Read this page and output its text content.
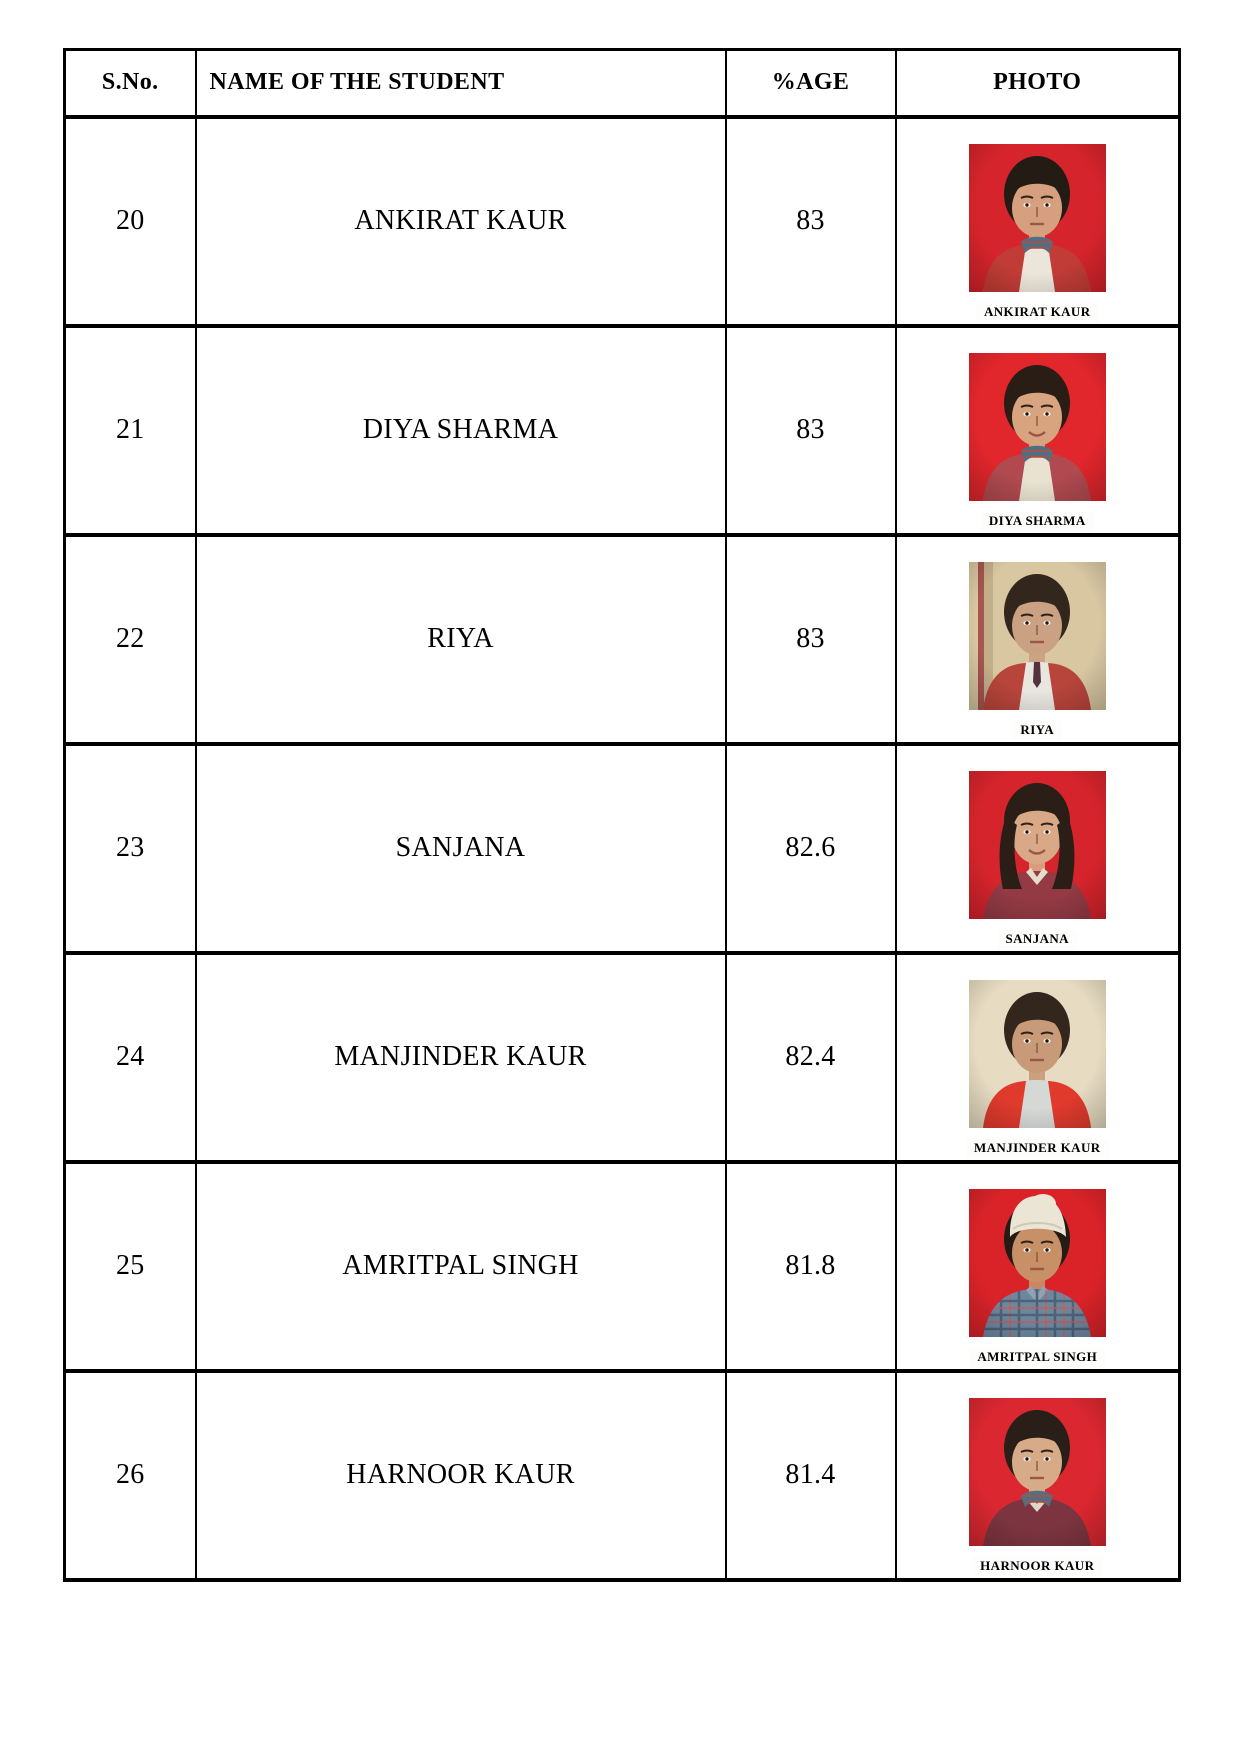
S.No.	NAME OF THE STUDENT	%AGE	PHOTO
20	ANKIRAT KAUR	83	ANKIRAT KAUR

21	DIYA SHARMA	83	DIYA SHARMA

22	RIYA	83	RIYA

23	SANJANA	82.6	SANJANA

24	MANJINDER KAUR	82.4	MANJINDER KAUR

25	AMRITPAL SINGH	81.8	AMRITPAL SINGH

26	HARNOOR KAUR	81.4	HARNOOR KAUR
